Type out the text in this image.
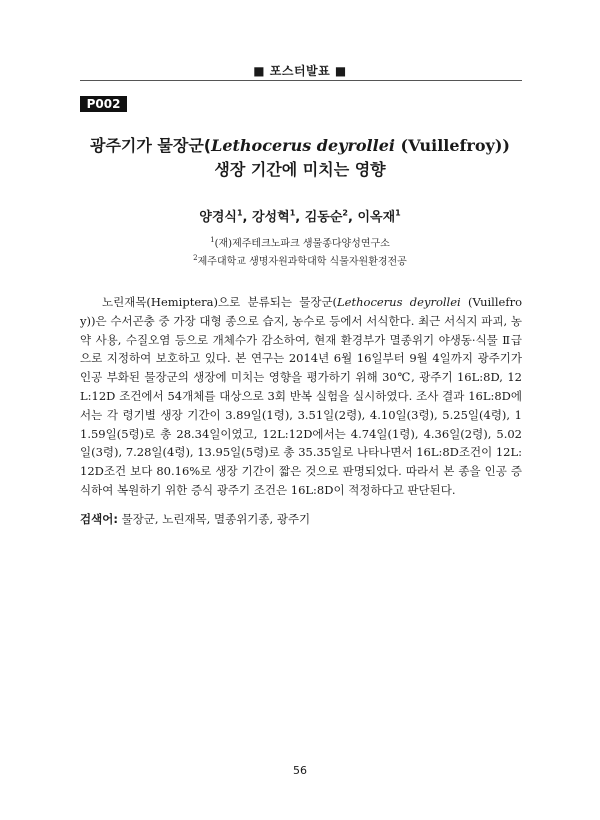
■ 포스터발표 ■
P002
광주기가 물장군(Lethocerus deyrollei (Vuillefroy))
생장 기간에 미치는 영향
양경식$^1$, 강성혁$^1$, 김동순$^2$, 이옥재$^1$
$^1$(재)제주테크노파크 생물종다양성연구소
$^2$제주대학교 생명자원과학대학 식물자원환경전공
노린재목(Hemiptera)으로 분류되는 물장군(Lethocerus deyrollei (Vuillefroy))은 수서곤충 중 가장 대형 종으로 습지, 농수로 등에서 서식한다. 최근 서식지 파괴, 농약 사용, 수질오염 등으로 개체수가 감소하여, 현재 환경부가 멸종위기 야생동·식물 Ⅱ급으로 지정하여 보호하고 있다. 본 연구는 2014년 6월 16일부터 9월 4일까지 광주기가 인공 부화된 물장군의 생장에 미치는 영향을 평가하기 위해 30℃, 광주기 16L:8D, 12L:12D 조건에서 54개체를 대상으로 3회 반복 실험을 실시하였다. 조사 결과 16L:8D에서는 각 령기별 생장 기간이 3.89일(1령), 3.51일(2령), 4.10일(3령), 5.25일(4령), 11.59일(5령)로 총 28.34일이였고, 12L:12D에서는 4.74일(1령), 4.36일(2령), 5.02일(3령), 7.28일(4령), 13.95일(5령)로 총 35.35일로 나타나면서 16L:8D조건이 12L:12D조건 보다 80.16%로 생장 기간이 짧은 것으로 판명되었다. 따라서 본 종을 인공 증식하여 복원하기 위한 증식 광주기 조건은 16L:8D이 적정하다고 판단된다.
검색어: 물장군, 노린재목, 멸종위기종, 광주기
56
